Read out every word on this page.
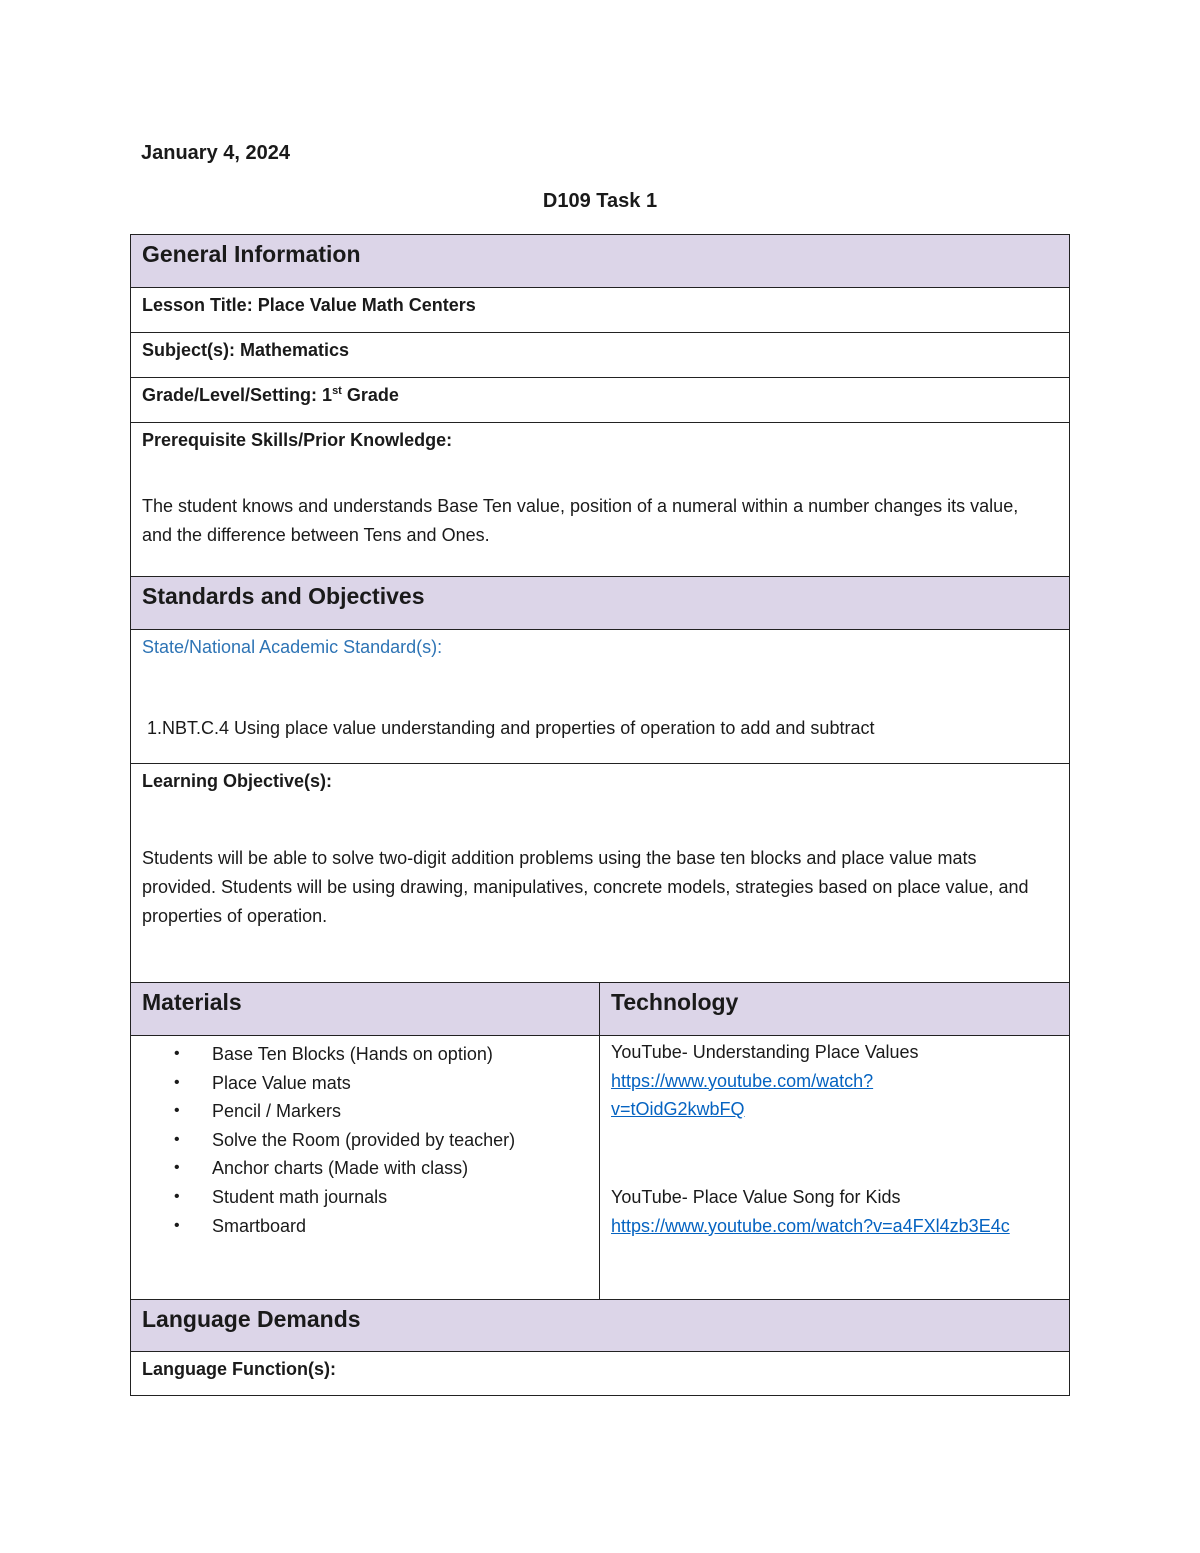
January 4, 2024
D109 Task 1
General Information
Lesson Title: Place Value Math Centers
Subject(s): Mathematics
Grade/Level/Setting: 1st Grade
Prerequisite Skills/Prior Knowledge:
The student knows and understands Base Ten value, position of a numeral within a number changes its value, and the difference between Tens and Ones.
Standards and Objectives
State/National Academic Standard(s):
1.NBT.C.4 Using place value understanding and properties of operation to add and subtract
Learning Objective(s):
Students will be able to solve two-digit addition problems using the base ten blocks and place value mats provided. Students will be using drawing, manipulatives, concrete models, strategies based on place value, and properties of operation.
Materials	Technology
• Base Ten Blocks (Hands on option)
• Place Value mats
• Pencil / Markers
• Solve the Room (provided by teacher)
• Anchor charts (Made with class)
• Student math journals
• Smartboard
YouTube- Understanding Place Values
https://www.youtube.com/watch?
v=tOidG2kwbFQ
YouTube- Place Value Song for Kids
https://www.youtube.com/watch?v=a4FXl4zb3E4c
Language Demands
Language Function(s):
